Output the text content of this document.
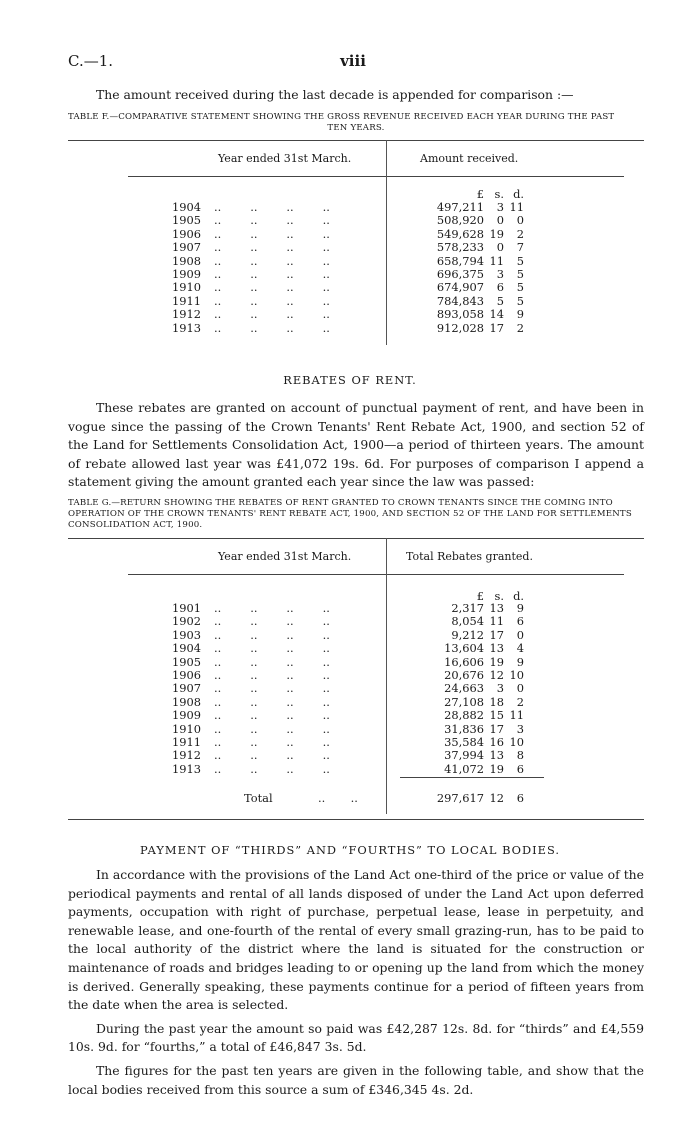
C.—1.	viii
The amount received during the last decade is appended for comparison :—
TABLE F.—COMPARATIVE STATEMENT SHOWING THE GROSS REVENUE RECEIVED EACH YEAR DURING THE PAST
TEN YEARS.
Year ended 31st March.	Amount received.
£ s. d.
1904 ..        ..        ..        ..	497,211	3 11
1905 ..        ..        ..        ..	508,920	0	0
1906 ..        ..        ..        ..	549,628 19	2
1907 ..        ..        ..        ..	578,233	0	7
1908 ..        ..        ..        ..	658,794 11	5
1909 ..        ..        ..        ..	696,375	3	5
1910 ..        ..        ..        ..	674,907	6	5
1911 ..        ..        ..        ..	784,843	5	5
1912 ..        ..        ..        ..	893,058 14	9
1913 ..        ..        ..        ..	912,028 17	2
REBATES OF RENT.

These rebates are granted on account of punctual payment of rent, and have been in vogue since the passing of the Crown Tenants' Rent Rebate Act, 1900, and section 52 of the Land for Settlements Consolidation Act, 1900—a period of thirteen years. The amount of rebate allowed last year was £41,072 19s. 6d. For purposes of comparison I append a statement giving the amount granted each year since the law was passed:

TABLE G.—RETURN SHOWING THE REBATES OF RENT GRANTED TO CROWN TENANTS SINCE THE COMING INTO OPERATION OF THE CROWN TENANTS' RENT REBATE ACT, 1900, AND SECTION 52 OF THE LAND FOR SETTLEMENTS CONSOLIDATION ACT, 1900.
Year ended 31st March.	Total Rebates granted.
£ s. d.
1901 ..        ..        ..        ..	2,317 13	9
1902 ..        ..        ..        ..	8,054 11	6
1903 ..        ..        ..        ..	9,212 17	0
1904 ..        ..        ..        ..	13,604 13	4
1905 ..        ..        ..        ..	16,606 19	9
1906 ..        ..        ..        ..	20,676 12 10
1907 ..        ..        ..        ..	24,663	3	0
1908 ..        ..        ..        ..	27,108 18	2
1909 ..        ..        ..        ..	28,882 15 11
1910 ..        ..        ..        ..	31,836 17	3
1911 ..        ..        ..        ..	35,584 16 10
1912 ..        ..        ..        ..	37,994 13	8
1913 ..        ..        ..        ..	41,072 19	6
Total	..       ..	297,617 12	6
PAYMENT OF “THIRDS” AND “FOURTHS” TO LOCAL BODIES.

In accordance with the provisions of the Land Act one-third of the price or value of the periodical payments and rental of all lands disposed of under the Land Act upon deferred payments, occupation with right of purchase, perpetual lease, lease in perpetuity, and renewable lease, and one-fourth of the rental of every small grazing-run, has to be paid to the local authority of the district where the land is situated for the construction or maintenance of roads and bridges leading to or opening up the land from which the money is derived. Generally speaking, these payments continue for a period of fifteen years from the date when the area is selected.

During the past year the amount so paid was £42,287 12s. 8d. for “thirds” and £4,559 10s. 9d. for “fourths,” a total of £46,847 3s. 5d.

The figures for the past ten years are given in the following table, and show that the local bodies received from this source a sum of £346,345 4s. 2d.
